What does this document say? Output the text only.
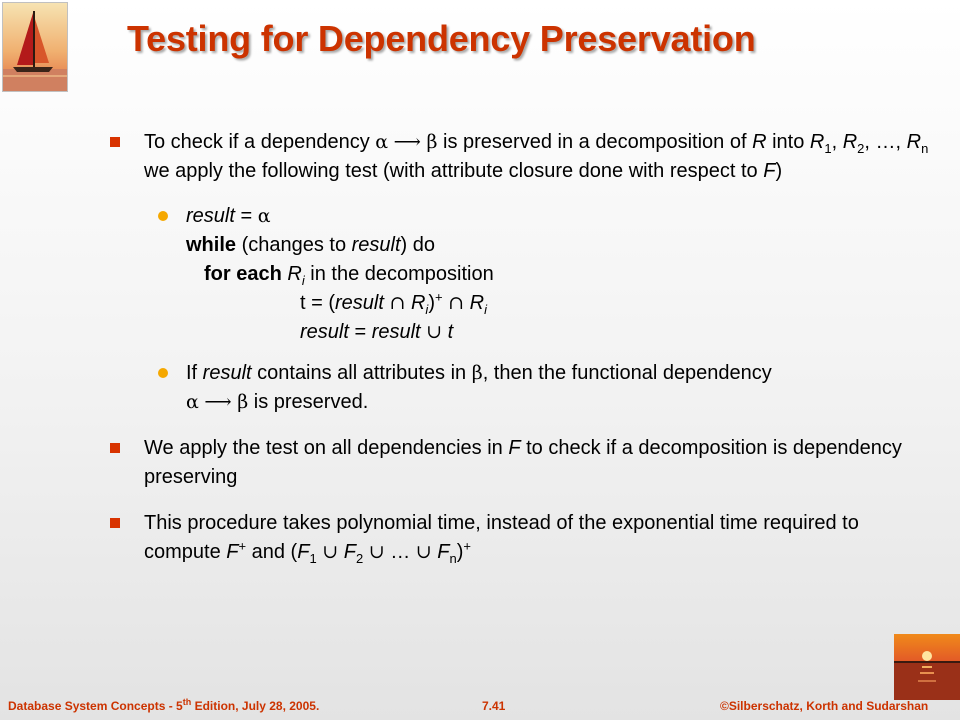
Testing for Dependency Preservation
To check if a dependency α ⟶ β is preserved in a decomposition of R into $R_1$, $R_2$, …, $R_n$ we apply the following test (with attribute closure done with respect to F)
result = α
while (changes to result) do
for each $R_i$ in the decomposition
t = (result ∩ $R_i)^+$ ∩ $R_i$
result = result ∪ t
If result contains all attributes in β, then the functional dependency
α ⟶ β is preserved.
We apply the test on all dependencies in F to check if a decomposition is dependency preserving
This procedure takes polynomial time, instead of the exponential time required to compute F+ and ($F_1$ ∪ $F_2$ ∪ … ∪ $F_n)^+$
Database System Concepts - 5th Edition, July 28, 2005.	7.41	©Silberschatz, Korth and Sudarshan
